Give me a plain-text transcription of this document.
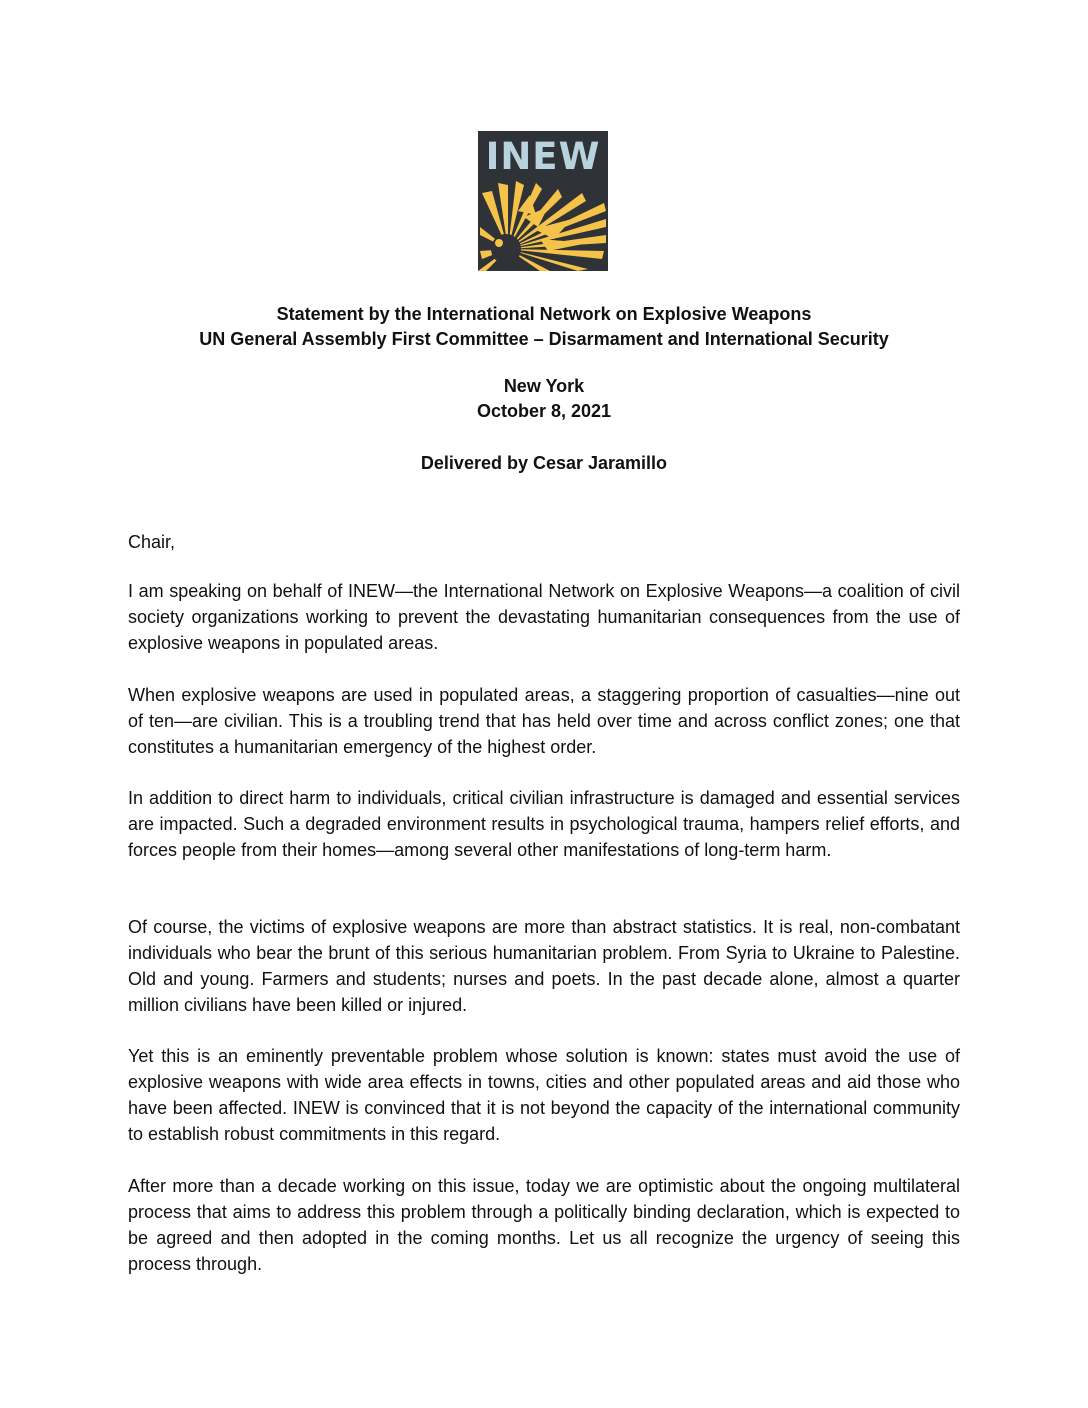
INEW

Statement by the International Network on Explosive Weapons

UN General Assembly First Committee – Disarmament and International Security

New York

October 8, 2021

Delivered by Cesar Jaramillo

Chair,

I am speaking on behalf of INEW—the International Network on Explosive Weapons—a coalition of civil society organizations working to prevent the devastating humanitarian consequences from the use of explosive weapons in populated areas.

When explosive weapons are used in populated areas, a staggering proportion of casualties—nine out of ten—are civilian. This is a troubling trend that has held over time and across conflict zones; one that constitutes a humanitarian emergency of the highest order.

In addition to direct harm to individuals, critical civilian infrastructure is damaged and essential services are impacted. Such a degraded environment results in psychological trauma, hampers relief efforts, and forces people from their homes—among several other manifestations of long-term harm.

Of course, the victims of explosive weapons are more than abstract statistics. It is real, non-combatant individuals who bear the brunt of this serious humanitarian problem. From Syria to Ukraine to Palestine. Old and young. Farmers and students; nurses and poets. In the past decade alone, almost a quarter million civilians have been killed or injured.

Yet this is an eminently preventable problem whose solution is known: states must avoid the use of explosive weapons with wide area effects in towns, cities and other populated areas and aid those who have been affected. INEW is convinced that it is not beyond the capacity of the international community to establish robust commitments in this regard.

After more than a decade working on this issue, today we are optimistic about the ongoing multilateral process that aims to address this problem through a politically binding declaration, which is expected to be agreed and then adopted in the coming months. Let us all recognize the urgency of seeing this process through.
